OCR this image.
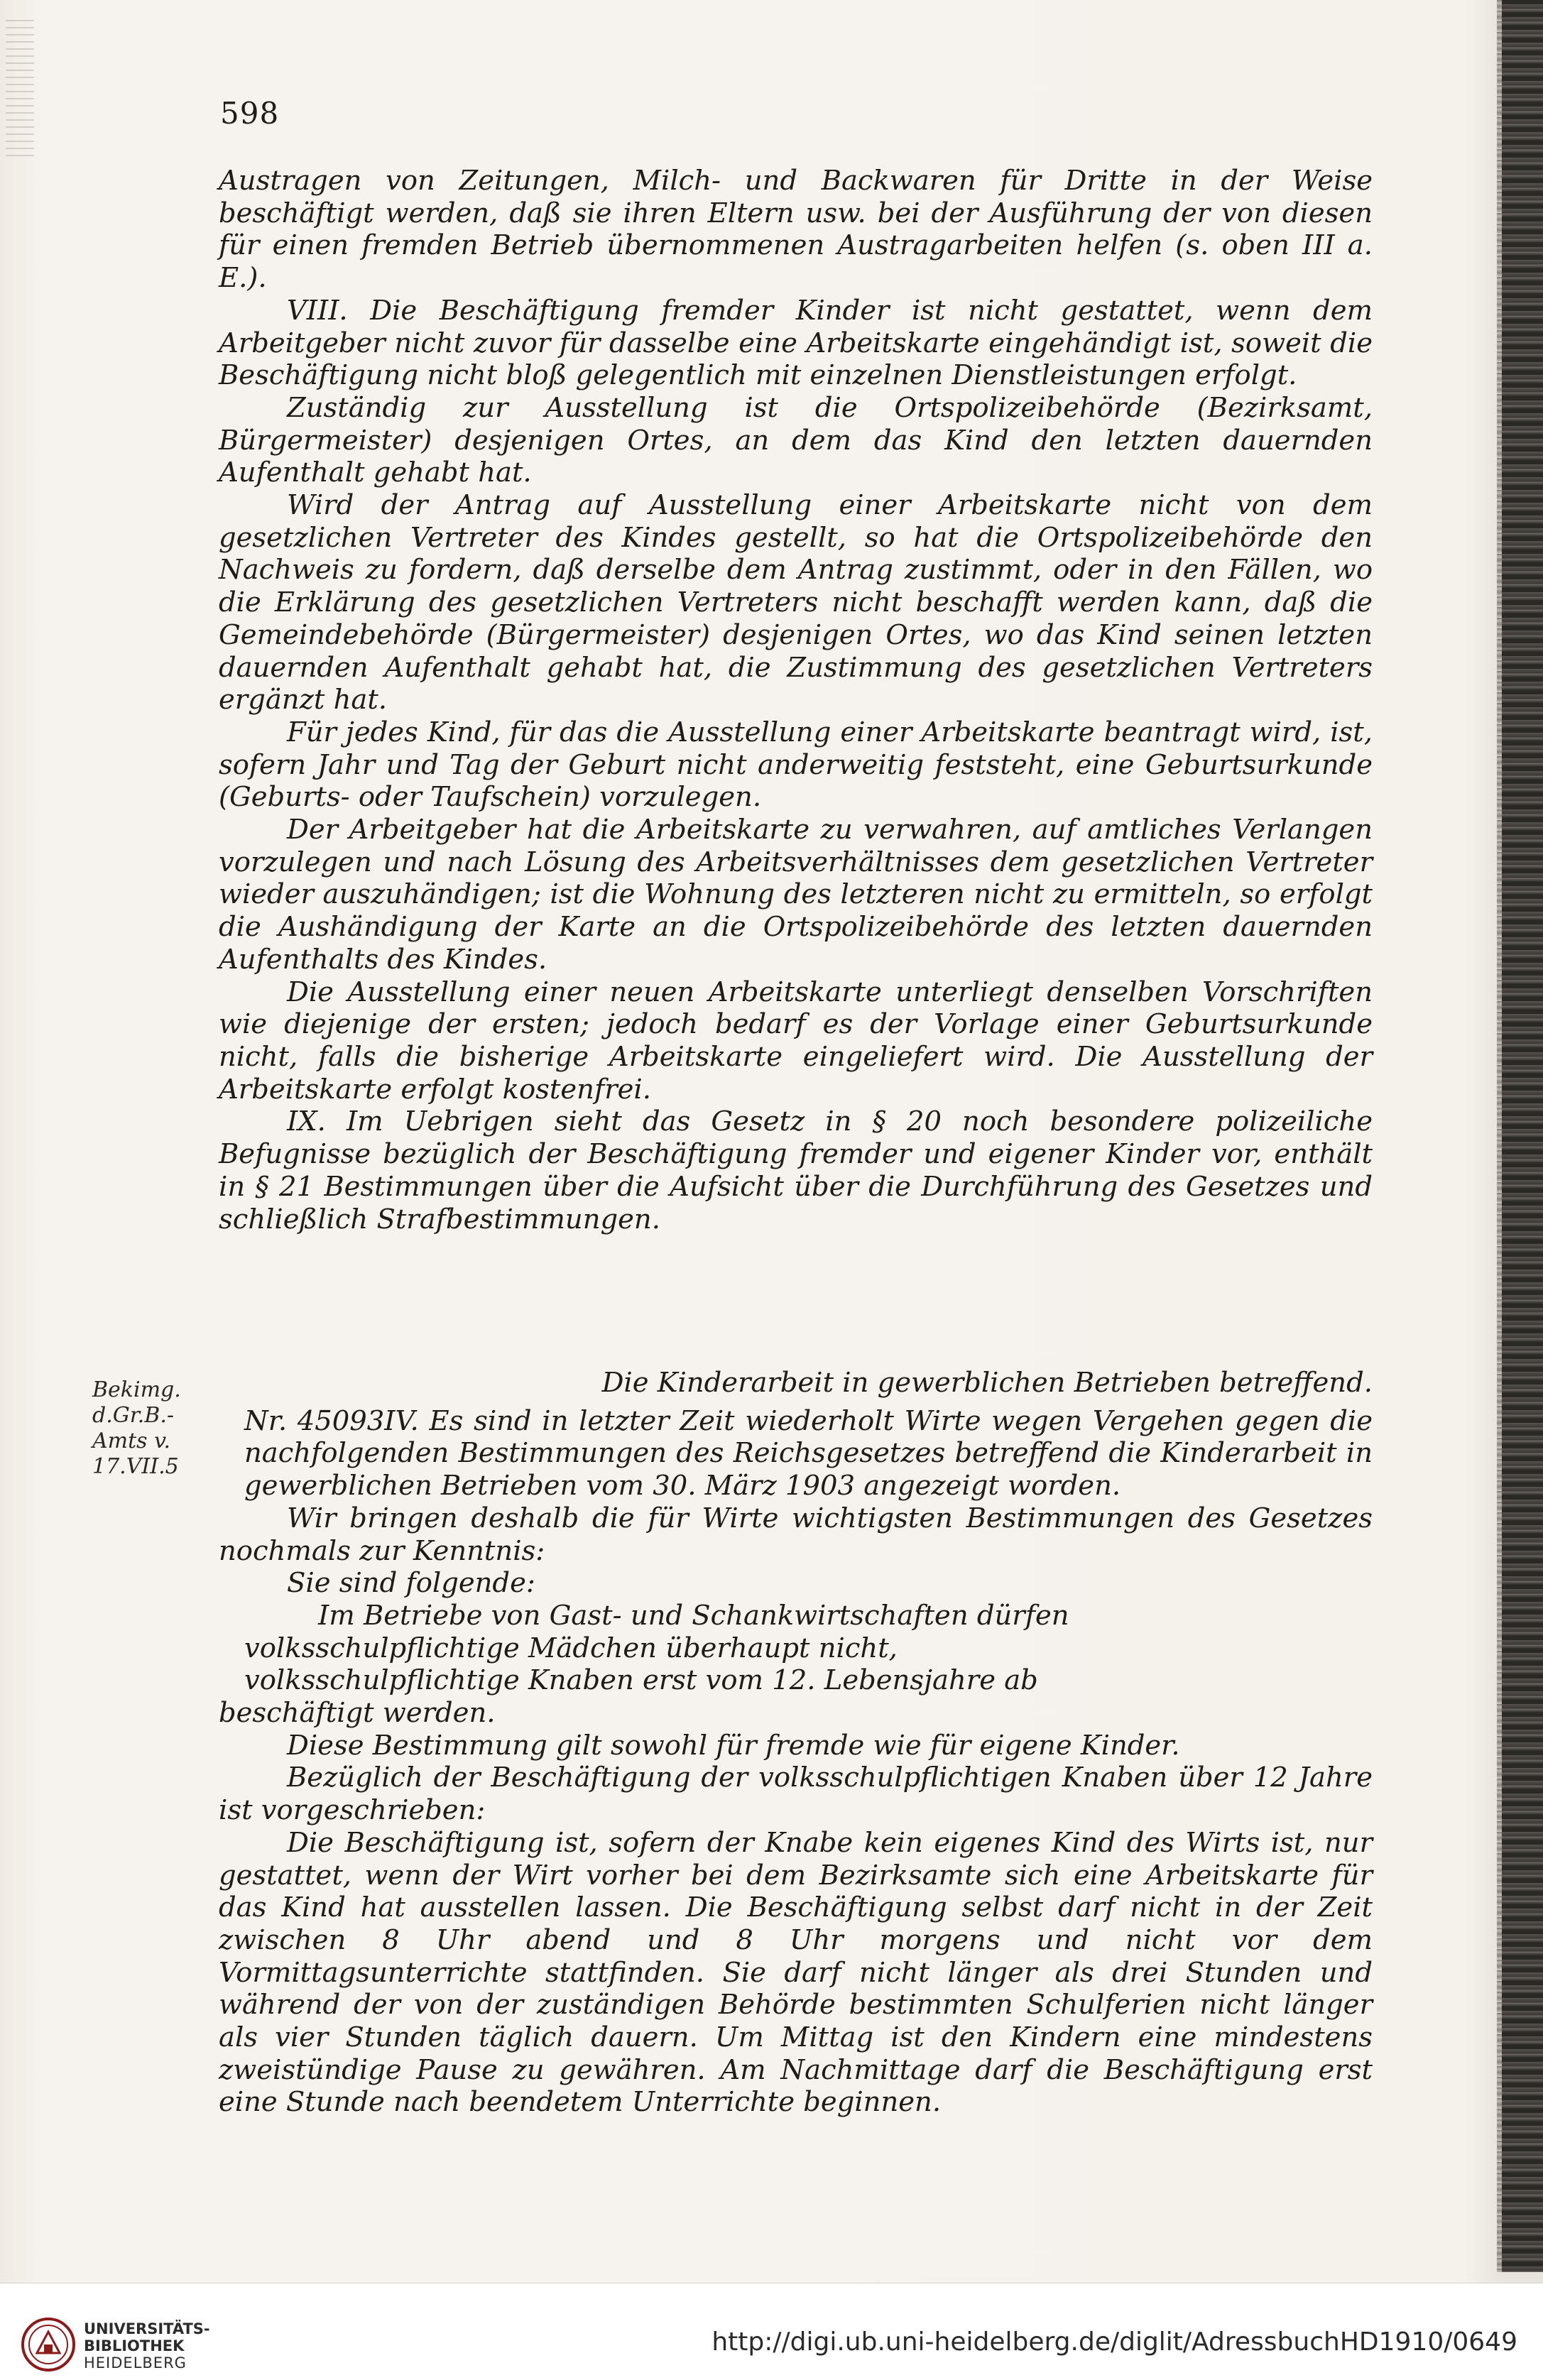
598

Austragen von Zeitungen, Milch- und Backwaren für Dritte in der Weise beschäftigt werden, daß sie ihren Eltern usw. bei der Ausführung der von diesen für einen fremden Betrieb übernommenen Austragarbeiten helfen (s. oben III a. E.).

VIII. Die Beschäftigung fremder Kinder ist nicht gestattet, wenn dem Arbeitgeber nicht zuvor für dasselbe eine Arbeitskarte eingehändigt ist, soweit die Beschäftigung nicht bloß gelegentlich mit einzelnen Dienstleistungen erfolgt.

Zuständig zur Ausstellung ist die Ortspolizeibehörde (Bezirksamt, Bürgermeister) desjenigen Ortes, an dem das Kind den letzten dauernden Aufenthalt gehabt hat.

Wird der Antrag auf Ausstellung einer Arbeitskarte nicht von dem gesetzlichen Vertreter des Kindes gestellt, so hat die Ortspolizeibehörde den Nachweis zu fordern, daß derselbe dem Antrag zustimmt, oder in den Fällen, wo die Erklärung des gesetzlichen Vertreters nicht beschafft werden kann, daß die Gemeindebehörde (Bürgermeister) desjenigen Ortes, wo das Kind seinen letzten dauernden Aufenthalt gehabt hat, die Zustimmung des gesetzlichen Vertreters ergänzt hat.

Für jedes Kind, für das die Ausstellung einer Arbeitskarte beantragt wird, ist, sofern Jahr und Tag der Geburt nicht anderweitig feststeht, eine Geburtsurkunde (Geburts- oder Taufschein) vorzulegen.

Der Arbeitgeber hat die Arbeitskarte zu verwahren, auf amtliches Verlangen vorzulegen und nach Lösung des Arbeitsverhältnisses dem gesetzlichen Vertreter wieder auszuhändigen; ist die Wohnung des letzteren nicht zu ermitteln, so erfolgt die Aushändigung der Karte an die Ortspolizeibehörde des letzten dauernden Aufenthalts des Kindes.

Die Ausstellung einer neuen Arbeitskarte unterliegt denselben Vorschriften wie diejenige der ersten; jedoch bedarf es der Vorlage einer Geburtsurkunde nicht, falls die bisherige Arbeitskarte eingeliefert wird. Die Ausstellung der Arbeitskarte erfolgt kostenfrei.

IX. Im Uebrigen sieht das Gesetz in § 20 noch besondere polizeiliche Befugnisse bezüglich der Beschäftigung fremder und eigener Kinder vor, enthält in § 21 Bestimmungen über die Aufsicht über die Durchführung des Gesetzes und schließlich Strafbestimmungen.

Bekimg.
d.Gr.B.-
Amts v.
17.VII.5

Die Kinderarbeit in gewerblichen Betrieben betreffend.

Nr. 45093IV. Es sind in letzter Zeit wiederholt Wirte wegen Vergehen gegen die nachfolgenden Bestimmungen des Reichsgesetzes betreffend die Kinderarbeit in gewerblichen Betrieben vom 30. März 1903 angezeigt worden.

Wir bringen deshalb die für Wirte wichtigsten Bestimmungen des Gesetzes nochmals zur Kenntnis:

Sie sind folgende:

Im Betriebe von Gast- und Schankwirtschaften dürfen

volksschulpflichtige Mädchen überhaupt nicht,

volksschulpflichtige Knaben erst vom 12. Lebensjahre ab

beschäftigt werden.

Diese Bestimmung gilt sowohl für fremde wie für eigene Kinder.

Bezüglich der Beschäftigung der volksschulpflichtigen Knaben über 12 Jahre ist vorgeschrieben:

Die Beschäftigung ist, sofern der Knabe kein eigenes Kind des Wirts ist, nur gestattet, wenn der Wirt vorher bei dem Bezirksamte sich eine Arbeitskarte für das Kind hat ausstellen lassen. Die Beschäftigung selbst darf nicht in der Zeit zwischen 8 Uhr abend und 8 Uhr morgens und nicht vor dem Vormittagsunterrichte stattfinden. Sie darf nicht länger als drei Stunden und während der von der zuständigen Behörde bestimmten Schulferien nicht länger als vier Stunden täglich dauern. Um Mittag ist den Kindern eine mindestens zweistündige Pause zu gewähren. Am Nachmittage darf die Beschäftigung erst eine Stunde nach beendetem Unterrichte beginnen.

UNIVERSITÄTS-
BIBLIOTHEK
HEIDELBERG
http://digi.ub.uni-heidelberg.de/diglit/AdressbuchHD1910/0649
